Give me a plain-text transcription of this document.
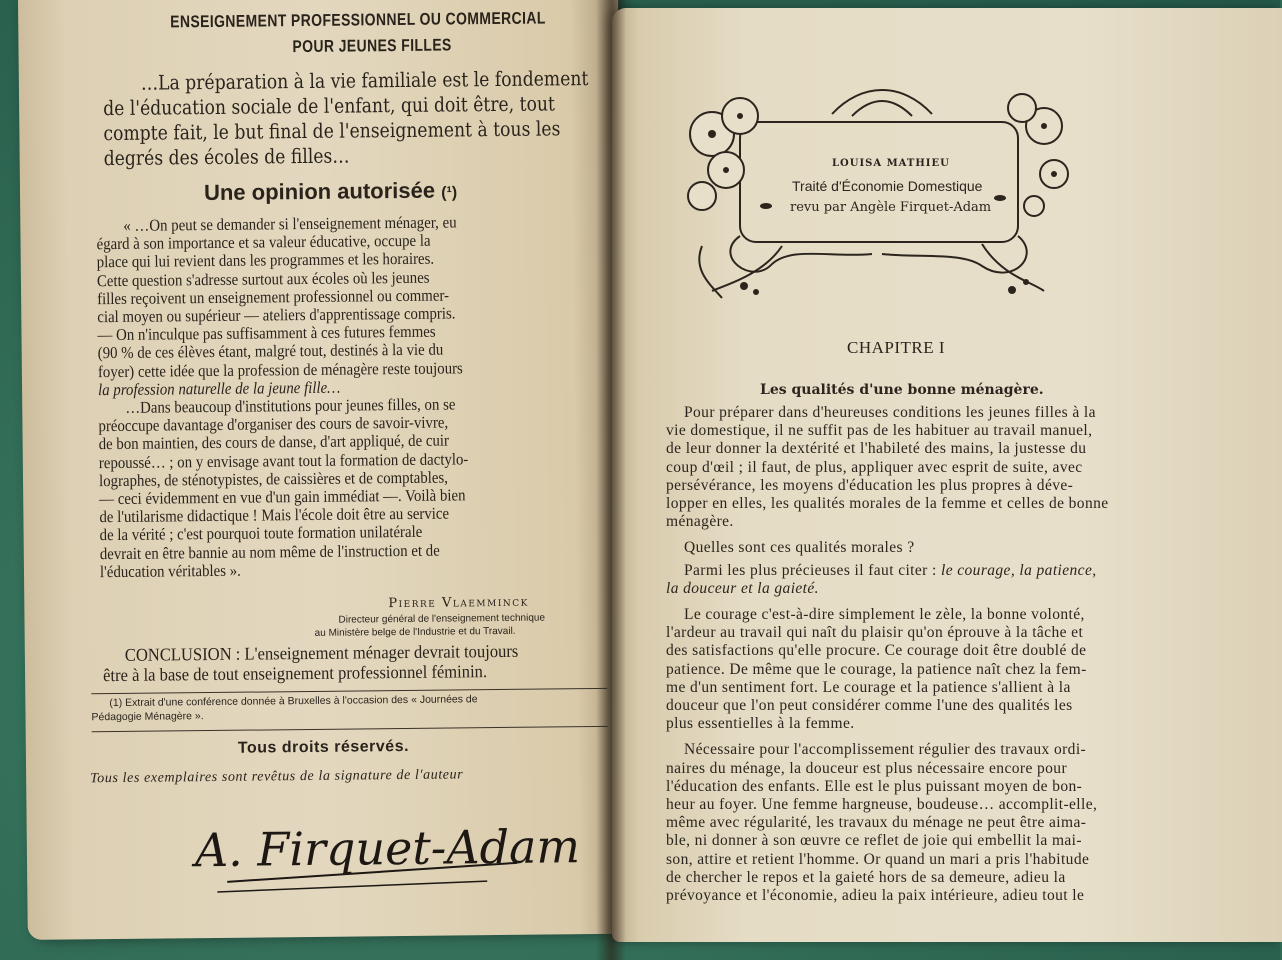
ENSEIGNEMENT PROFESSIONNEL OU COMMERCIAL
POUR JEUNES FILLES
…La préparation à la vie familiale est le fondement
de l'éducation sociale de l'enfant, qui doit être, tout
compte fait, le but final de l'enseignement à tous les
degrés des écoles de filles…
Une opinion autorisée (¹)
« …On peut se demander si l'enseignement ménager, eu
égard à son importance et sa valeur éducative, occupe la
place qui lui revient dans les programmes et les horaires.
Cette question s'adresse surtout aux écoles où les jeunes
filles reçoivent un enseignement professionnel ou commer-
cial moyen ou supérieur — ateliers d'apprentissage compris.
— On n'inculque pas suffisamment à ces futures femmes
(90 % de ces élèves étant, malgré tout, destinés à la vie du
foyer) cette idée que la profession de ménagère reste toujours
la profession naturelle de la jeune fille…
…Dans beaucoup d'institutions pour jeunes filles, on se
préoccupe davantage d'organiser des cours de savoir-vivre,
de bon maintien, des cours de danse, d'art appliqué, de cuir
repoussé… ; on y envisage avant tout la formation de dactylo-
lographes, de sténotypistes, de caissières et de comptables,
— ceci évidemment en vue d'un gain immédiat —. Voilà bien
de l'utilarisme didactique ! Mais l'école doit être au service
de la vérité ; c'est pourquoi toute formation unilatérale
devrait en être bannie au nom même de l'instruction et de
l'éducation véritables ».
Pierre Vlaemminck
Directeur général de l'enseignement technique
au Ministère belge de l'Industrie et du Travail.
CONCLUSION : L'enseignement ménager devrait toujours
être à la base de tout enseignement professionnel féminin.
(1) Extrait d'une conférence donnée à Bruxelles à l'occasion des « Journées de
Pédagogie Ménagère ».
Tous droits réservés.
Tous les exemplaires sont revêtus de la signature de l'auteur
A. Firquet-Adam
LOUISA MATHIEU
Traité d'Économie Domestique
revu par Angèle Firquet-Adam
CHAPITRE I
Les qualités d'une bonne ménagère.
Pour préparer dans d'heureuses conditions les jeunes filles à la
vie domestique, il ne suffit pas de les habituer au travail manuel,
de leur donner la dextérité et l'habileté des mains, la justesse du
coup d'œil ; il faut, de plus, appliquer avec esprit de suite, avec
persévérance, les moyens d'éducation les plus propres à déve-
lopper en elles, les qualités morales de la femme et celles de bonne
ménagère.
Quelles sont ces qualités morales ?
Parmi les plus précieuses il faut citer : le courage, la patience,
la douceur et la gaieté.
Le courage c'est-à-dire simplement le zèle, la bonne volonté,
l'ardeur au travail qui naît du plaisir qu'on éprouve à la tâche et
des satisfactions qu'elle procure. Ce courage doit être doublé de
patience. De même que le courage, la patience naît chez la fem-
me d'un sentiment fort. Le courage et la patience s'allient à la
douceur que l'on peut considérer comme l'une des qualités les
plus essentielles à la femme.
Nécessaire pour l'accomplissement régulier des travaux ordi-
naires du ménage, la douceur est plus nécessaire encore pour
l'éducation des enfants. Elle est le plus puissant moyen de bon-
heur au foyer. Une femme hargneuse, boudeuse… accomplit-elle,
même avec régularité, les travaux du ménage ne peut être aima-
ble, ni donner à son œuvre ce reflet de joie qui embellit la mai-
son, attire et retient l'homme. Or quand un mari a pris l'habitude
de chercher le repos et la gaieté hors de sa demeure, adieu la
prévoyance et l'économie, adieu la paix intérieure, adieu tout le
